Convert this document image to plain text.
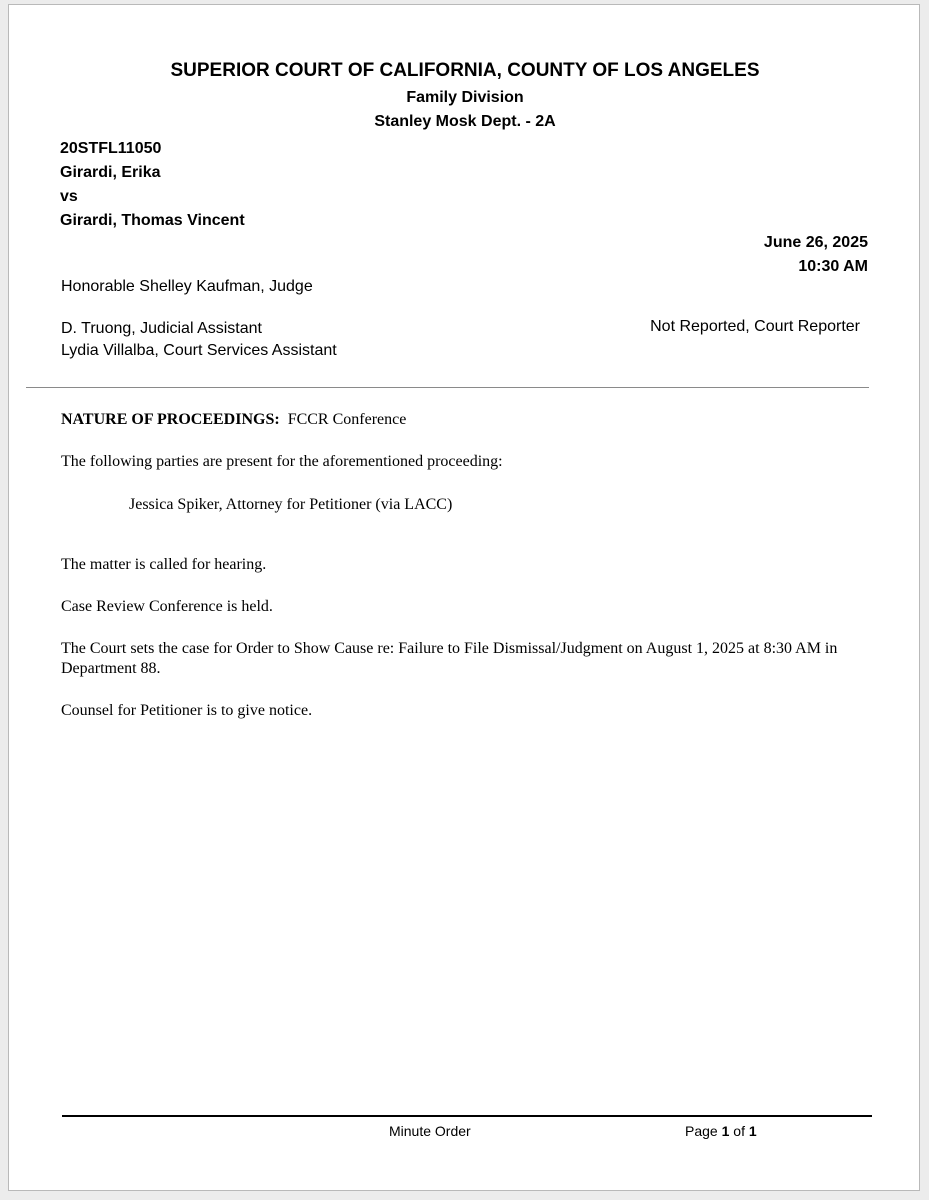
SUPERIOR COURT OF CALIFORNIA, COUNTY OF LOS ANGELES
Family Division
Stanley Mosk Dept. - 2A
20STFL11050
Girardi, Erika
vs
Girardi, Thomas Vincent
June 26, 2025
10:30 AM
Honorable Shelley Kaufman, Judge
D. Truong, Judicial Assistant
Lydia Villalba, Court Services Assistant
Not Reported, Court Reporter
NATURE OF PROCEEDINGS: FCCR Conference
The following parties are present for the aforementioned proceeding:
Jessica Spiker, Attorney for Petitioner (via LACC)
The matter is called for hearing.
Case Review Conference is held.
The Court sets the case for Order to Show Cause re: Failure to File Dismissal/Judgment on August 1, 2025 at 8:30 AM in Department 88.
Counsel for Petitioner is to give notice.
Minute Order	Page 1 of 1
